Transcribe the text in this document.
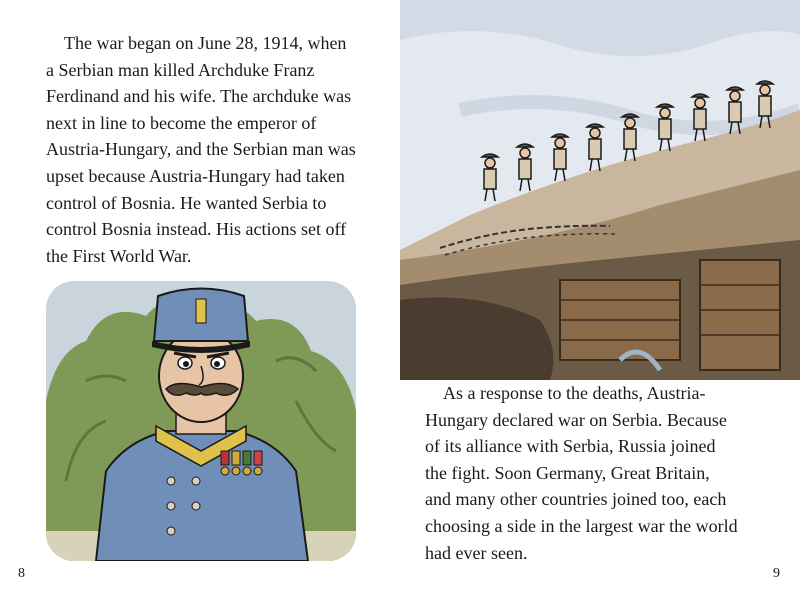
The war began on June 28, 1914, when
a Serbian man killed Archduke Franz
Ferdinand and his wife. The archduke was
next in line to become the emperor of
Austria-Hungary, and the Serbian man was
upset because Austria-Hungary had taken
control of Bosnia. He wanted Serbia to
control Bosnia instead. His actions set off
the First World War.
As a response to the deaths, Austria-
Hungary declared war on Serbia. Because
of its alliance with Serbia, Russia joined
the fight. Soon Germany, Great Britain,
and many other countries joined too, each
choosing a side in the largest war the world
had ever seen.
8	9
